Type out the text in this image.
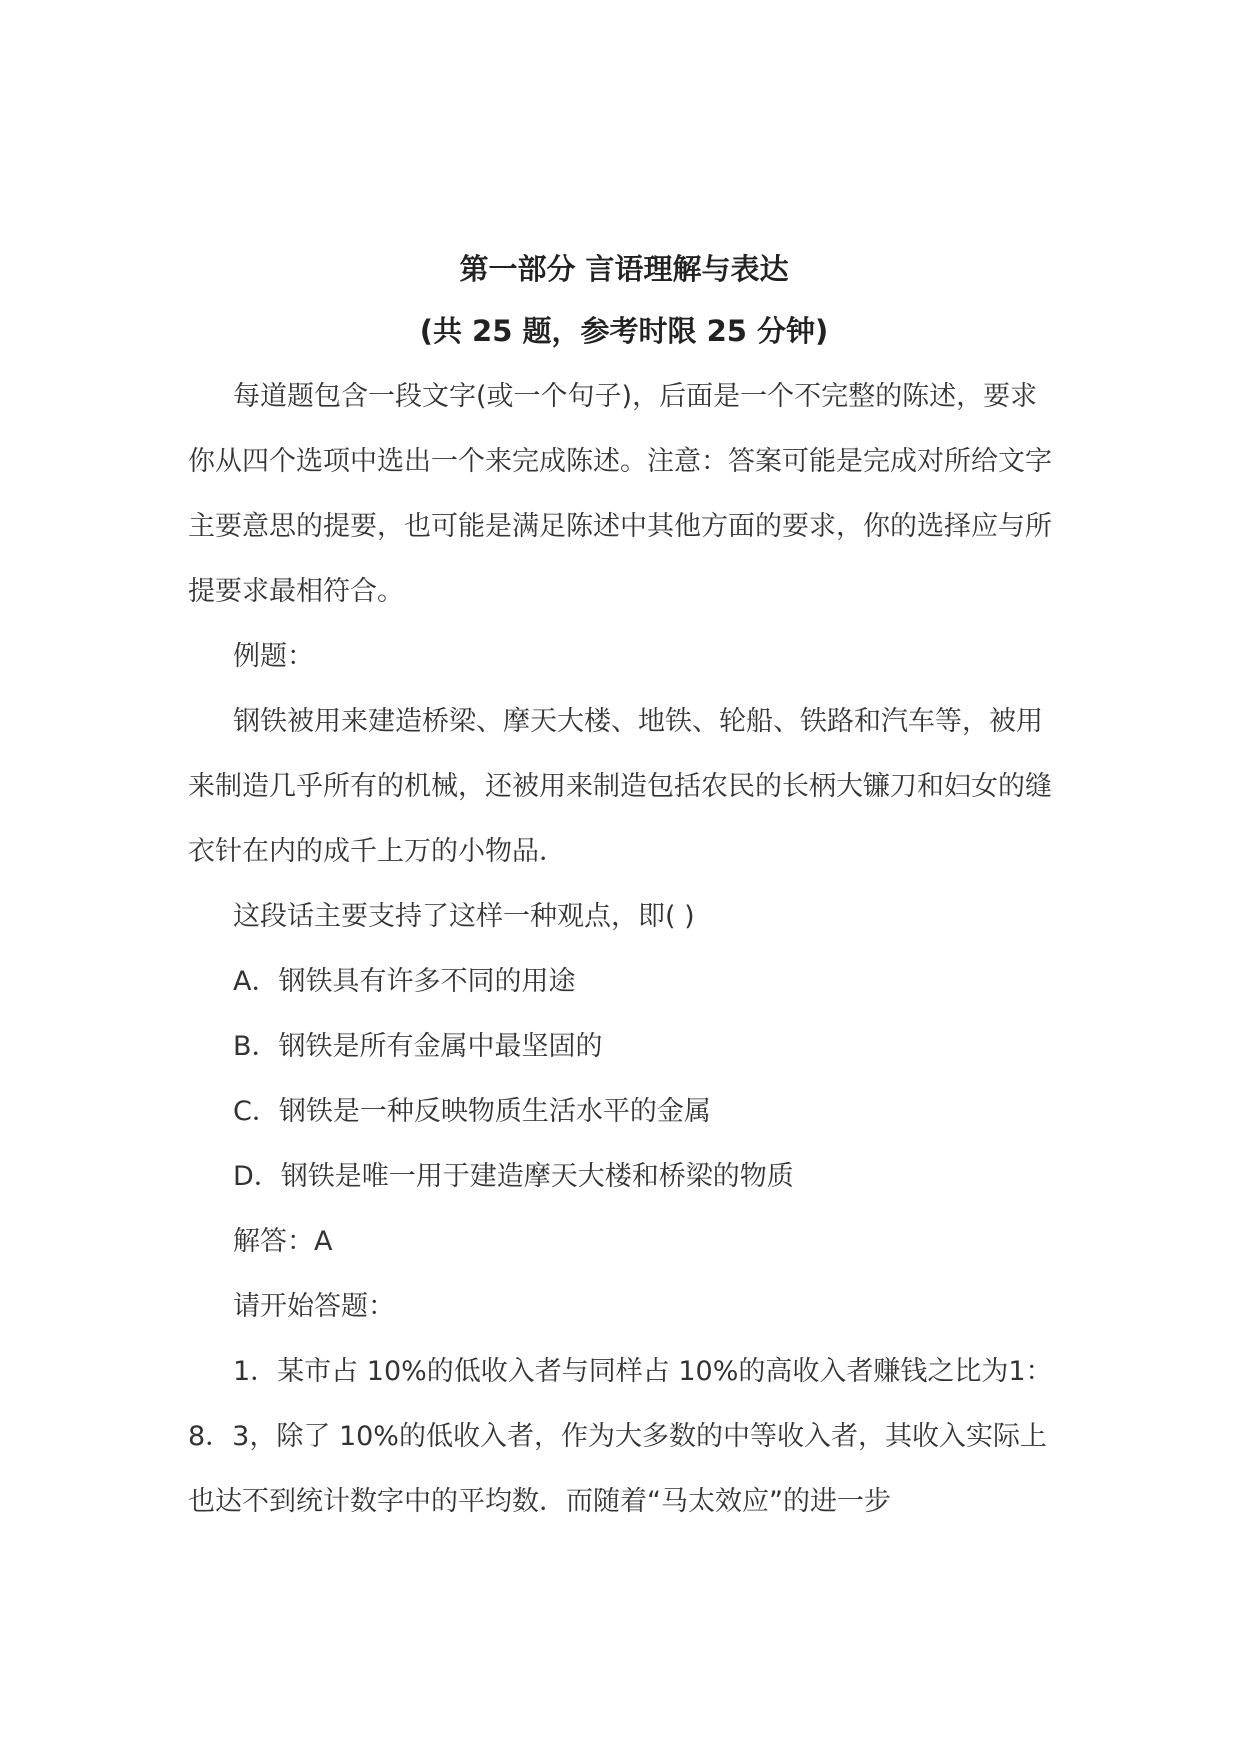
第一部分 言语理解与表达

(共 25 题，参考时限 25 分钟)

每道题包含一段文字(或一个句子)，后面是一个不完整的陈述，要求你从四个选项中选出一个来完成陈述。注意：答案可能是完成对所给文字主要意思的提要，也可能是满足陈述中其他方面的要求，你的选择应与所提要求最相符合。

例题：

钢铁被用来建造桥梁、摩天大楼、地铁、轮船、铁路和汽车等，被用来制造几乎所有的机械，还被用来制造包括农民的长柄大镰刀和妇女的缝衣针在内的成千上万的小物品．

这段话主要支持了这样一种观点，即( )

A．钢铁具有许多不同的用途

B．钢铁是所有金属中最坚固的

C．钢铁是一种反映物质生活水平的金属

D．钢铁是唯一用于建造摩天大楼和桥梁的物质

解答：A

请开始答题：

1．某市占 10%的低收入者与同样占 10%的高收入者赚钱之比为1：8．3，除了 10%的低收入者，作为大多数的中等收入者，其收入实际上也达不到统计数字中的平均数．而随着“马太效应”的进一步
